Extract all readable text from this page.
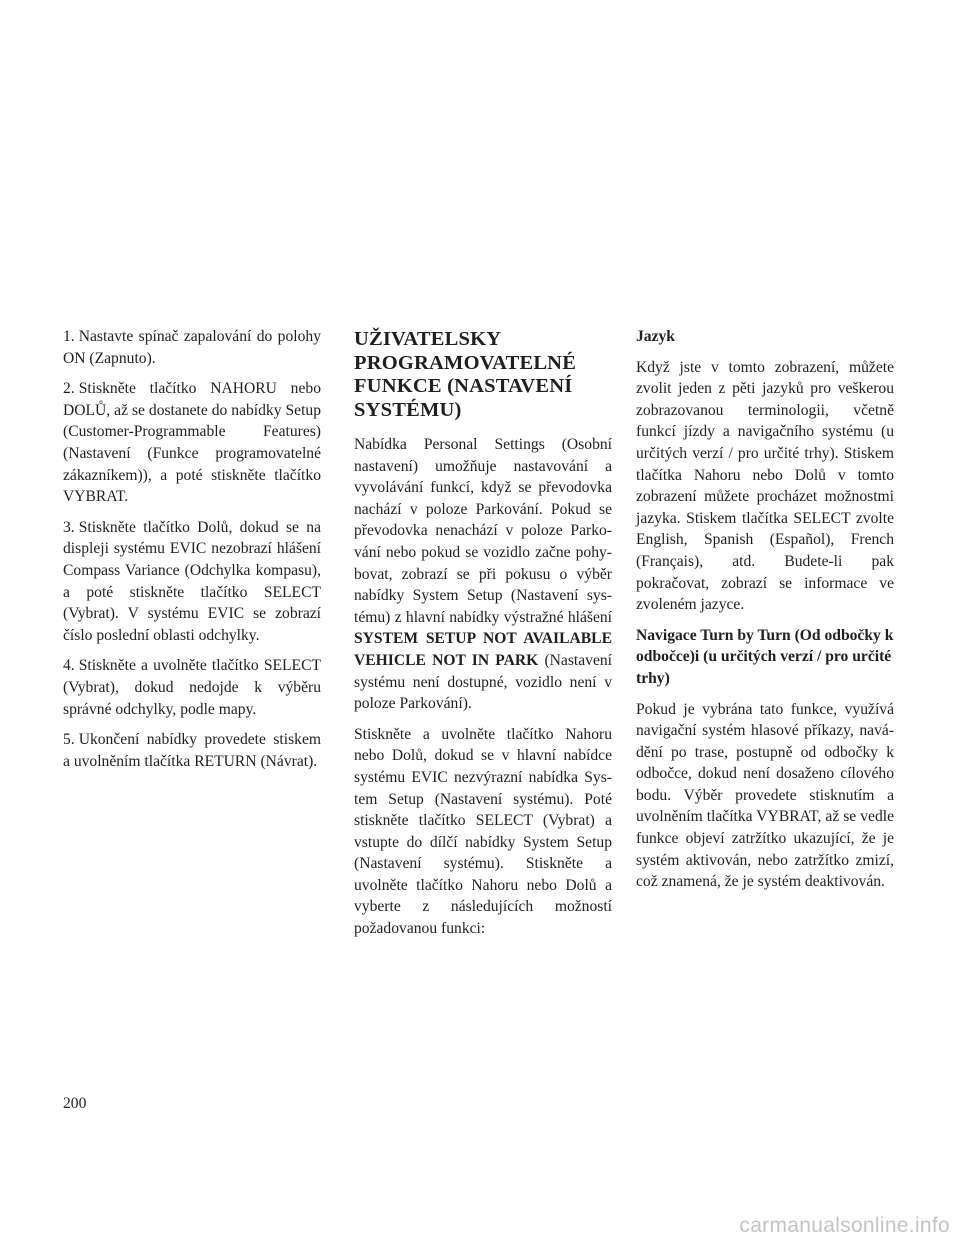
1. Nastavte spínač zapalování do polohy ON (Zapnuto).

2. Stiskněte tlačítko NAHORU nebo DOLŮ, až se dostanete do nabídky Setup (Customer-Programmable Features) (Nastavení (Funkce programovatelné zákazníkem)), a poté stiskněte tlačítko VYBRAT.

3. Stiskněte tlačítko Dolů, dokud se na displeji systému EVIC nezobrazí hlášení Compass Variance (Odchylka kompasu), a poté stiskněte tlačítko SELECT (Vybrat). V systému EVIC se zobrazí číslo poslední oblasti odchylky.

4. Stiskněte a uvolněte tlačítko SELECT (Vybrat), dokud nedojde k výběru správné odchylky, podle mapy.

5. Ukončení nabídky provedete stiskem a uvolněním tlačítka RETURN (Návrat).

UŽIVATELSKY PROGRAMOVATELNÉ FUNKCE (NASTAVENÍ SYSTÉMU)

Nabídka Personal Settings (Osobní nastavení) umožňuje nastavování a vyvolávání funkcí, když se převodovka nachází v poloze Parkování. Pokud se převodovka nenachází v poloze Parkování nebo pokud se vozidlo začne pohybovat, zobrazí se při pokusu o výběr nabídky System Setup (Nastavení systému) z hlavní nabídky výstražné hlášení SYSTEM SETUP NOT AVAILABLE VEHICLE NOT IN PARK (Nastavení systému není dostupné, vozidlo není v poloze Parkování).

Stiskněte a uvolněte tlačítko Nahoru nebo Dolů, dokud se v hlavní nabídce systému EVIC nezvýrazní nabídka System Setup (Nastavení systému). Poté stiskněte tlačítko SELECT (Vybrat) a vstupte do dílčí nabídky System Setup (Nastavení systému). Stiskněte a uvolněte tlačítko Nahoru nebo Dolů a vyberte z následujících možností požadovanou funkci:

Jazyk

Když jste v tomto zobrazení, můžete zvolit jeden z pěti jazyků pro veškerou zobrazovanou terminologii, včetně funkcí jízdy a navigačního systému (u určitých verzí / pro určité trhy). Stiskem tlačítka Nahoru nebo Dolů v tomto zobrazení můžete procházet možnostmi jazyka. Stiskem tlačítka SELECT zvolte English, Spanish (Español), French (Français), atd. Budete-li pak pokračovat, zobrazí se informace ve zvoleném jazyce.

Navigace Turn by Turn (Od odbočky k odbočce)i (u určitých verzí / pro určité trhy)

Pokud je vybrána tato funkce, využívá navigační systém hlasové příkazy, navádění po trase, postupně od odbočky k odbočce, dokud není dosaženo cílového bodu. Výběr provedete stisknutím a uvolněním tlačítka VYBRAT, až se vedle funkce objeví zatržítko ukazující, že je systém aktivován, nebo zatržítko zmizí, což znamená, že je systém deaktivován.

200
carmanualsonline.info
